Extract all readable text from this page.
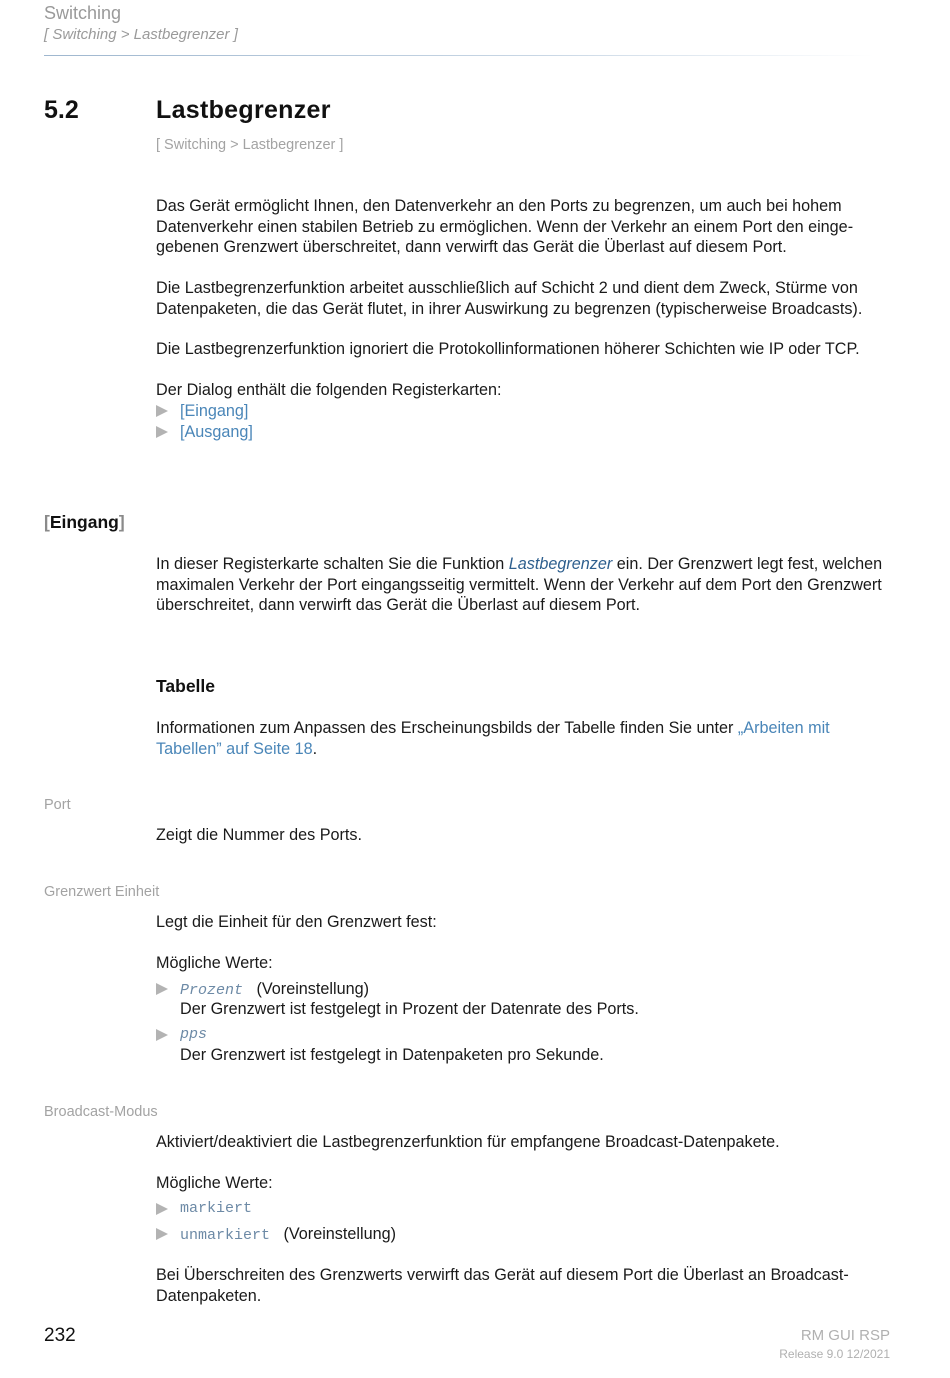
Switching
[ Switching > Lastbegrenzer ]
5.2	Lastbegrenzer
[ Switching > Lastbegrenzer ]

Das Gerät ermöglicht Ihnen, den Datenverkehr an den Ports zu begrenzen, um auch bei hohem Datenverkehr einen stabilen Betrieb zu ermöglichen. Wenn der Verkehr an einem Port den eingegebenen Grenzwert überschreitet, dann verwirft das Gerät die Überlast auf diesem Port.

Die Lastbegrenzerfunktion arbeitet ausschließlich auf Schicht 2 und dient dem Zweck, Stürme von Datenpaketen, die das Gerät flutet, in ihrer Auswirkung zu begrenzen (typischerweise Broadcasts).

Die Lastbegrenzerfunktion ignoriert die Protokollinformationen höherer Schichten wie IP oder TCP.

Der Dialog enthält die folgenden Registerkarten:

[Eingang]
[Ausgang]
[Eingang]

In dieser Registerkarte schalten Sie die Funktion Lastbegrenzer ein. Der Grenzwert legt fest, welchen maximalen Verkehr der Port eingangsseitig vermittelt. Wenn der Verkehr auf dem Port den Grenzwert überschreitet, dann verwirft das Gerät die Überlast auf diesem Port.

Tabelle

Informationen zum Anpassen des Erscheinungsbilds der Tabelle finden Sie unter „Arbeiten mit Tabellen” auf Seite 18.

Port

Zeigt die Nummer des Ports.

Grenzwert Einheit

Legt die Einheit für den Grenzwert fest:

Mögliche Werte:

Prozent (Voreinstellung)

Der Grenzwert ist festgelegt in Prozent der Datenrate des Ports.

pps

Der Grenzwert ist festgelegt in Datenpaketen pro Sekunde.

Broadcast-Modus

Aktiviert/deaktiviert die Lastbegrenzerfunktion für empfangene Broadcast-Datenpakete.

Mögliche Werte:

markiert
unmarkiert (Voreinstellung)

Bei Überschreiten des Grenzwerts verwirft das Gerät auf diesem Port die Überlast an Broadcast-Datenpaketen.

232	RM GUI RSP
Release 9.0 12/2021
